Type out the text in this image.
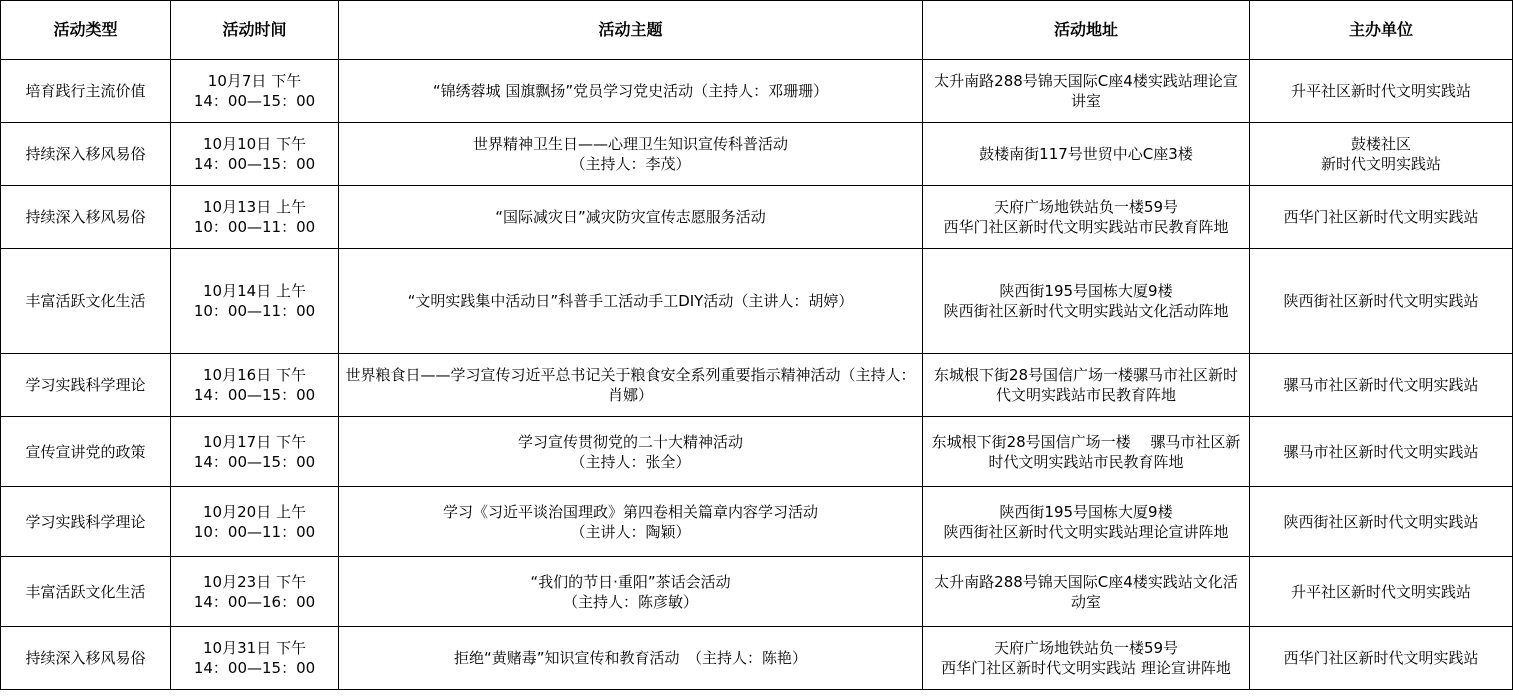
活动类型	活动时间	活动主题	活动地址	主办单位
培育践行主流价值	10月7日 下午
14：00—15：00	“锦绣蓉城 国旗飘扬”党员学习党史活动（主持人：邓珊珊）	太升南路288号锦天国际C座4楼实践站理论宣讲室	升平社区新时代文明实践站

持续深入移风易俗	10月10日 下午
14：00—15：00	世界精神卫生日——心理卫生知识宣传科普活动
（主持人：李茂）	鼓楼南街117号世贸中心C座3楼	鼓楼社区
新时代文明实践站

持续深入移风易俗	10月13日 上午
10：00—11：00	“国际减灾日”减灾防灾宣传志愿服务活动	天府广场地铁站负一楼59号
西华门社区新时代文明实践站市民教育阵地	西华门社区新时代文明实践站

丰富活跃文化生活	10月14日 上午
10：00—11：00	“文明实践集中活动日”科普手工活动手工DIY活动（主讲人：胡婷）	陕西街195号国栋大厦9楼
陕西街社区新时代文明实践站文化活动阵地	陕西街社区新时代文明实践站

学习实践科学理论	10月16日 下午
14：00—15：00	世界粮食日——学习宣传习近平总书记关于粮食安全系列重要指示精神活动（主持人：肖娜）	东城根下街28号国信广场一楼骡马市社区新时代文明实践站市民教育阵地	骡马市社区新时代文明实践站

宣传宣讲党的政策	10月17日 下午
14：00—15：00	学习宣传贯彻党的二十大精神活动
（主持人：张全）	东城根下街28号国信广场一楼　 骡马市社区新时代文明实践站市民教育阵地	骡马市社区新时代文明实践站

学习实践科学理论	10月20日 上午
10：00—11：00	学习《习近平谈治国理政》第四卷相关篇章内容学习活动
（主讲人：陶颖）	陕西街195号国栋大厦9楼
陕西街社区新时代文明实践站理论宣讲阵地	陕西街社区新时代文明实践站

丰富活跃文化生活	10月23日 下午
14：00—16：00	“我们的节日·重阳”茶话会活动
（主持人：陈彦敏）	太升南路288号锦天国际C座4楼实践站文化活动室	升平社区新时代文明实践站

持续深入移风易俗	10月31日 下午
14：00—15：00	拒绝“黄赌毒”知识宣传和教育活动　（主持人：陈艳）	天府广场地铁站负一楼59号
西华门社区新时代文明实践站 理论宣讲阵地	西华门社区新时代文明实践站
